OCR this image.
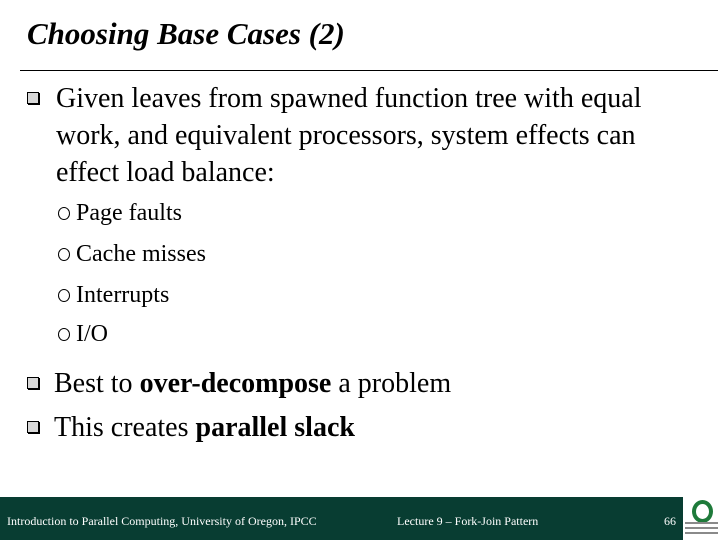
Choosing Base Cases (2)
Given leaves from spawned function tree with equal work, and equivalent processors, system effects can effect load balance:
Page faults
Cache misses
Interrupts
I/O
Best to over-decompose a problem
This creates parallel slack
Introduction to Parallel Computing, University of Oregon, IPCC	Lecture 9 – Fork-Join Pattern	66
